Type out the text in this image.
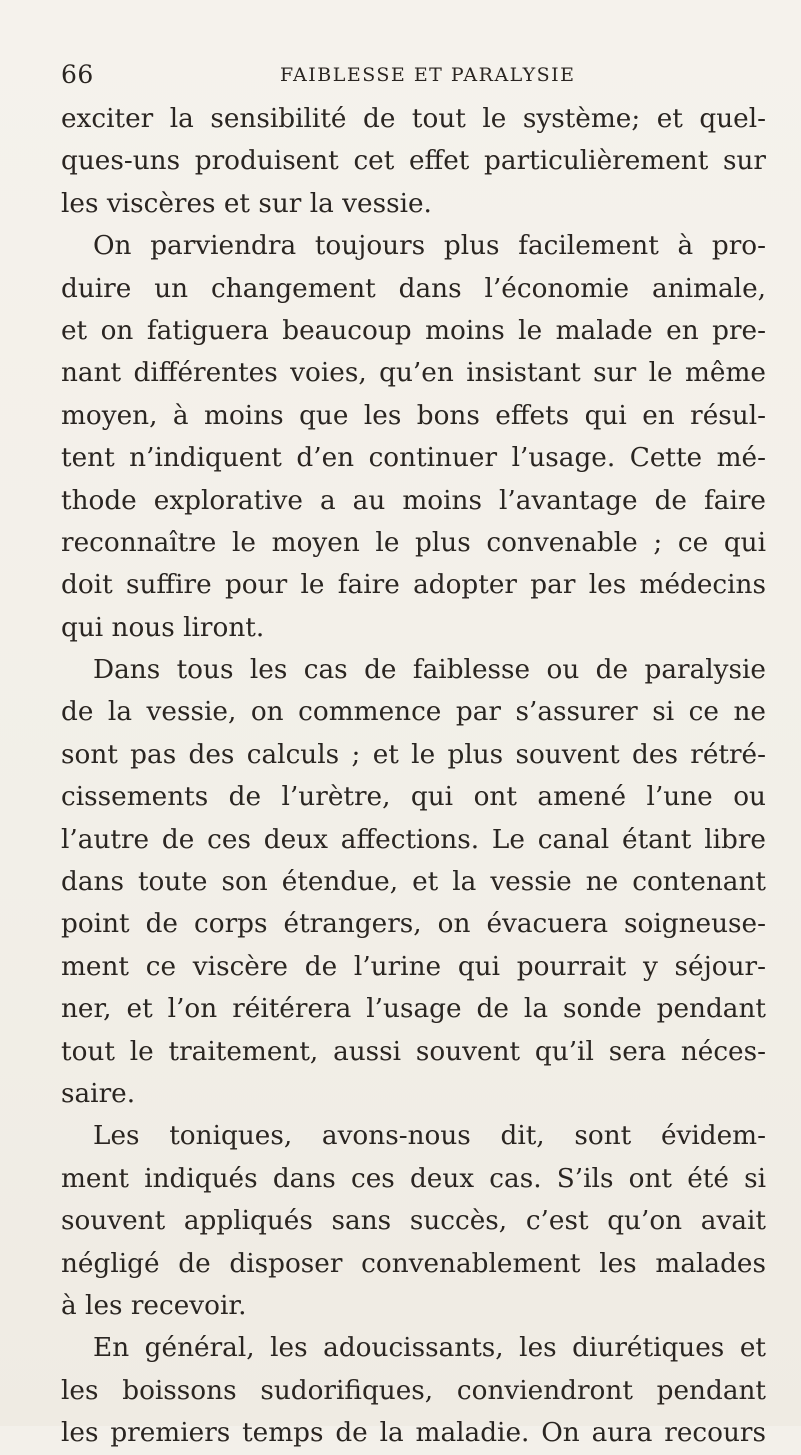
66	FAIBLESSE ET PARALYSIE
exciter la sensibilité de tout le système; et quel-
ques-uns produisent cet effet particulièrement sur
les viscères et sur la vessie.
On parviendra toujours plus facilement à pro-
duire un changement dans l’économie animale,
et on fatiguera beaucoup moins le malade en pre-
nant différentes voies, qu’en insistant sur le même
moyen, à moins que les bons effets qui en résul-
tent n’indiquent d’en continuer l’usage. Cette mé-
thode explorative a au moins l’avantage de faire
reconnaître le moyen le plus convenable ; ce qui
doit suffire pour le faire adopter par les médecins
qui nous liront.
Dans tous les cas de faiblesse ou de paralysie
de la vessie, on commence par s’assurer si ce ne
sont pas des calculs ; et le plus souvent des rétré-
cissements de l’urètre, qui ont amené l’une ou
l’autre de ces deux affections. Le canal étant libre
dans toute son étendue, et la vessie ne contenant
point de corps étrangers, on évacuera soigneuse-
ment ce viscère de l’urine qui pourrait y séjour-
ner, et l’on réitérera l’usage de la sonde pendant
tout le traitement, aussi souvent qu’il sera néces-
saire.
Les toniques, avons-nous dit, sont évidem-
ment indiqués dans ces deux cas. S’ils ont été si
souvent appliqués sans succès, c’est qu’on avait
négligé de disposer convenablement les malades
à les recevoir.
En général, les adoucissants, les diurétiques et
les boissons sudorifiques, conviendront pendant
les premiers temps de la maladie. On aura recours
